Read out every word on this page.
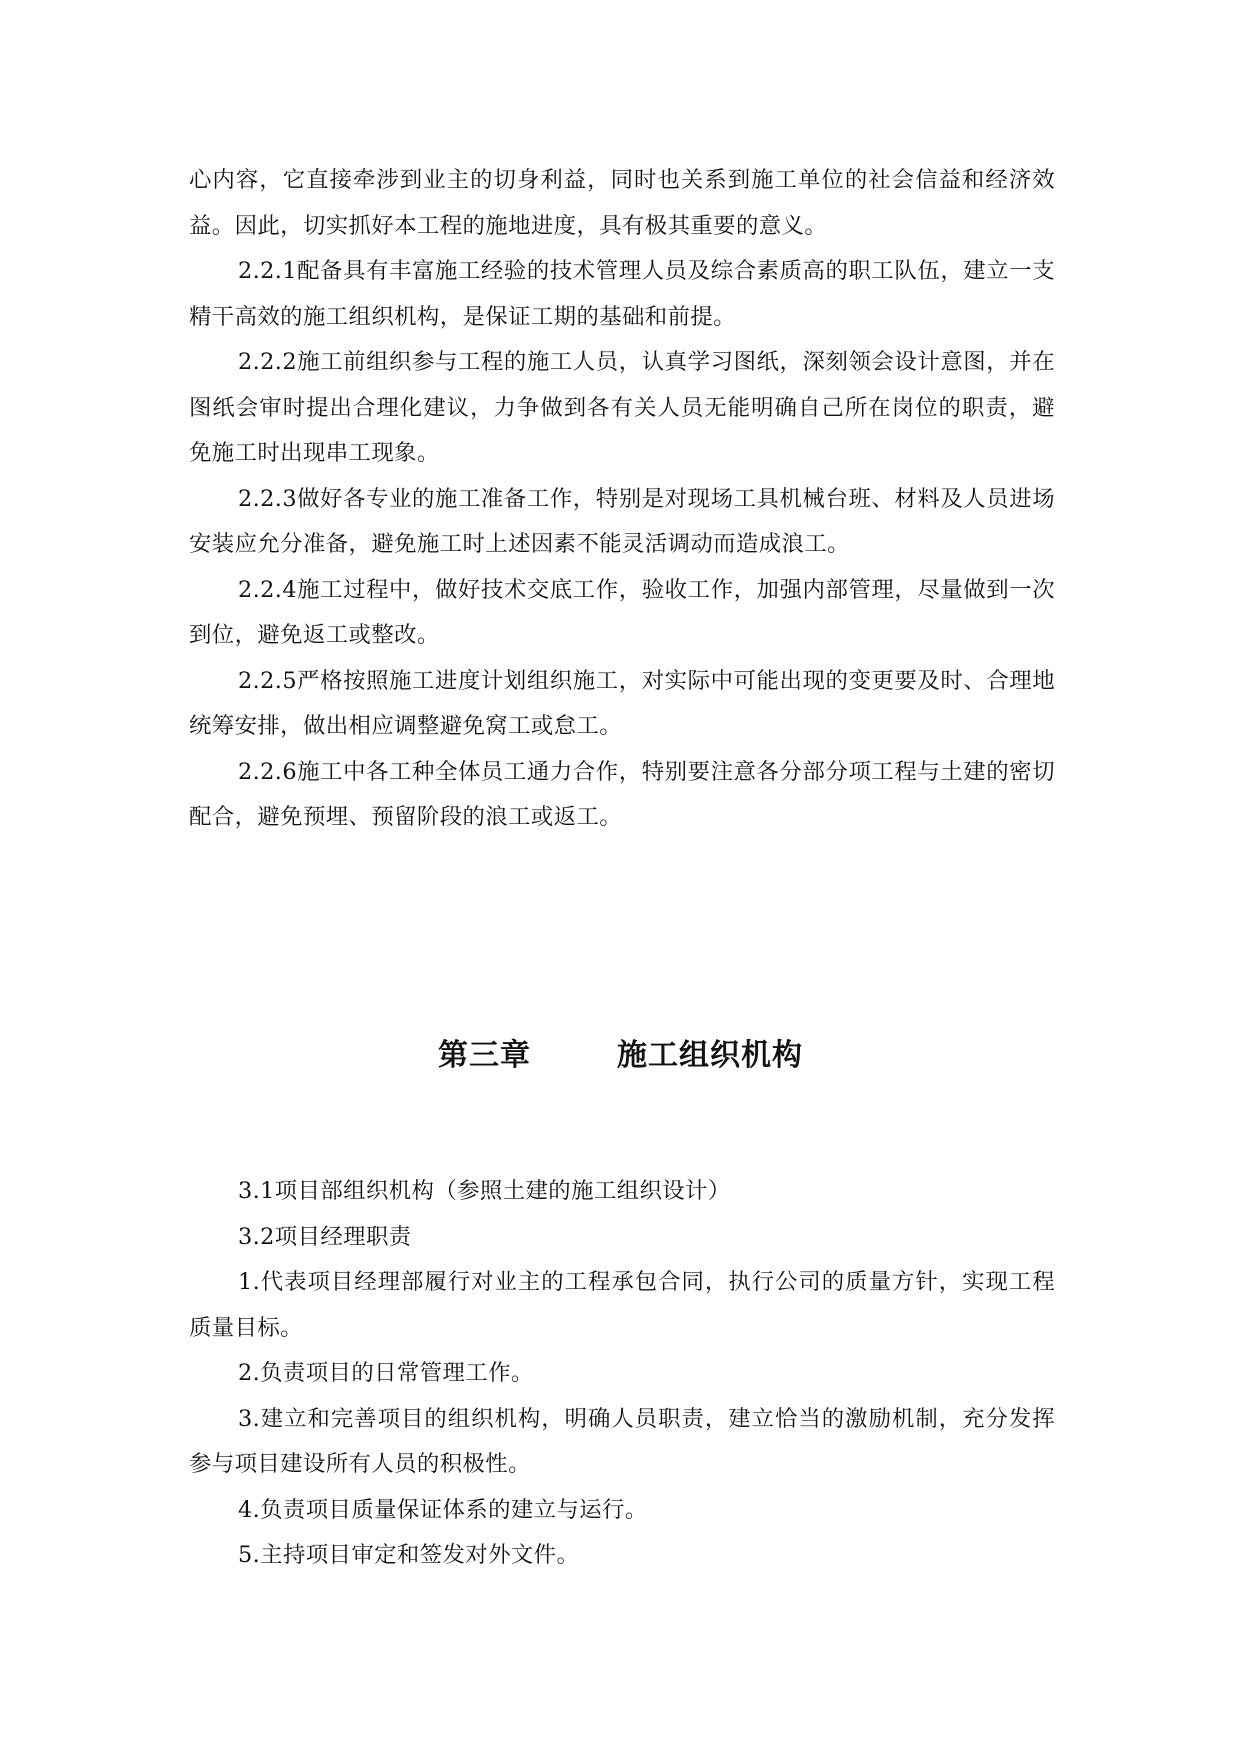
心内容，它直接牵涉到业主的切身利益，同时也关系到施工单位的社会信益和经济效益。因此，切实抓好本工程的施地进度，具有极其重要的意义。

2.2.1配备具有丰富施工经验的技术管理人员及综合素质高的职工队伍，建立一支精干高效的施工组织机构，是保证工期的基础和前提。

2.2.2施工前组织参与工程的施工人员，认真学习图纸，深刻领会设计意图，并在图纸会审时提出合理化建议，力争做到各有关人员无能明确自己所在岗位的职责，避免施工时出现串工现象。

2.2.3做好各专业的施工准备工作，特别是对现场工具机械台班、材料及人员进场安装应允分准备，避免施工时上述因素不能灵活调动而造成浪工。

2.2.4施工过程中，做好技术交底工作，验收工作，加强内部管理，尽量做到一次到位，避免返工或整改。

2.2.5严格按照施工进度计划组织施工，对实际中可能出现的变更要及时、合理地统筹安排，做出相应调整避免窝工或怠工。

2.2.6施工中各工种全体员工通力合作，特别要注意各分部分项工程与土建的密切配合，避免预埋、预留阶段的浪工或返工。

第三章	施工组织机构

3.1项目部组织机构（参照土建的施工组织设计）

3.2项目经理职责

1.代表项目经理部履行对业主的工程承包合同，执行公司的质量方针，实现工程质量目标。

2.负责项目的日常管理工作。

3.建立和完善项目的组织机构，明确人员职责，建立恰当的激励机制，充分发挥参与项目建设所有人员的积极性。

4.负责项目质量保证体系的建立与运行。

5.主持项目审定和签发对外文件。
